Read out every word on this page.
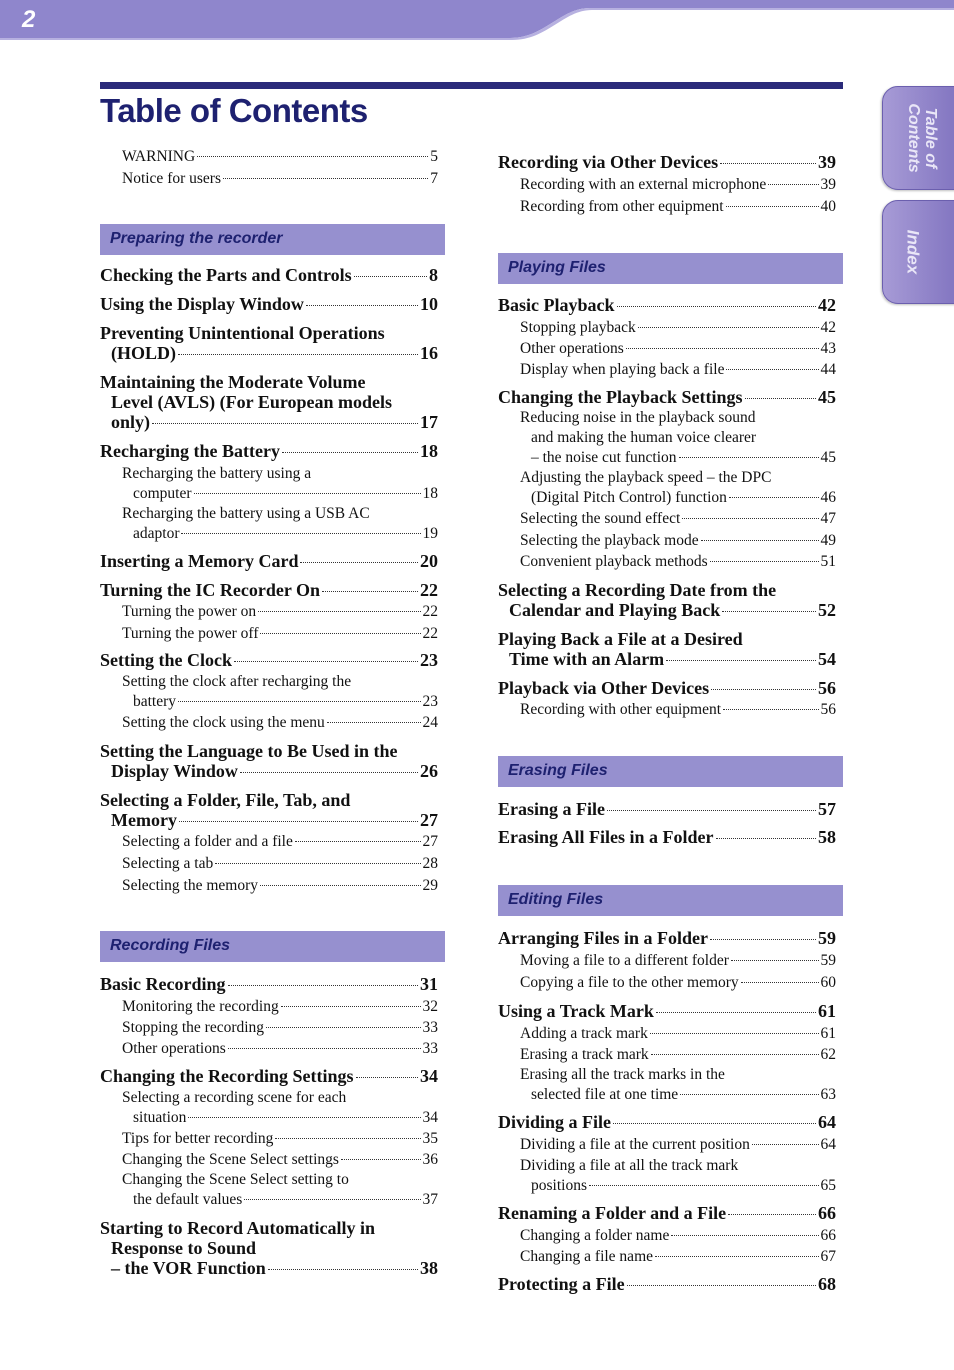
2
Table of Contents
Index
Table of Contents
WARNING	5
Notice for users	7
Preparing the recorder
Checking the Parts and Controls	8
Using the Display Window	10
Preventing Unintentional Operations
(HOLD)	16
Maintaining the Moderate Volume
Level (AVLS) (For European models
only)	17
Recharging the Battery	18
Recharging the battery using a
computer	18
Recharging the battery using a USB AC
adaptor	19
Inserting a Memory Card	20
Turning the IC Recorder On	22
Turning the power on	22
Turning the power off	22
Setting the Clock	23
Setting the clock after recharging the
battery	23
Setting the clock using the menu	24
Setting the Language to Be Used in the
Display Window	26
Selecting a Folder, File, Tab, and
Memory	27
Selecting a folder and a file	27
Selecting a tab	28
Selecting the memory	29
Recording Files
Basic Recording	31
Monitoring the recording	32
Stopping the recording	33
Other operations	33
Changing the Recording Settings	34
Selecting a recording scene for each
situation	34
Tips for better recording	35
Changing the Scene Select settings	36
Changing the Scene Select setting to
the default values	37
Starting to Record Automatically in
Response to Sound
– the VOR Function	38
Recording via Other Devices	39
Recording with an external microphone	39
Recording from other equipment	40
Playing Files
Basic Playback	42
Stopping playback	42
Other operations	43
Display when playing back a file	44
Changing the Playback Settings	45
Reducing noise in the playback sound
and making the human voice clearer
– the noise cut function	45
Adjusting the playback speed – the DPC
(Digital Pitch Control) function	46
Selecting the sound effect	47
Selecting the playback mode	49
Convenient playback methods	51
Selecting a Recording Date from the
Calendar and Playing Back	52
Playing Back a File at a Desired
Time with an Alarm	54
Playback via Other Devices	56
Recording with other equipment	56
Erasing Files
Erasing a File	57
Erasing All Files in a Folder	58
Editing Files
Arranging Files in a Folder	59
Moving a file to a different folder	59
Copying a file to the other memory	60
Using a Track Mark	61
Adding a track mark	61
Erasing a track mark	62
Erasing all the track marks in the
selected file at one time	63
Dividing a File	64
Dividing a file at the current position	64
Dividing a file at all the track mark
positions	65
Renaming a Folder and a File	66
Changing a folder name	66
Changing a file name	67
Protecting a File	68
